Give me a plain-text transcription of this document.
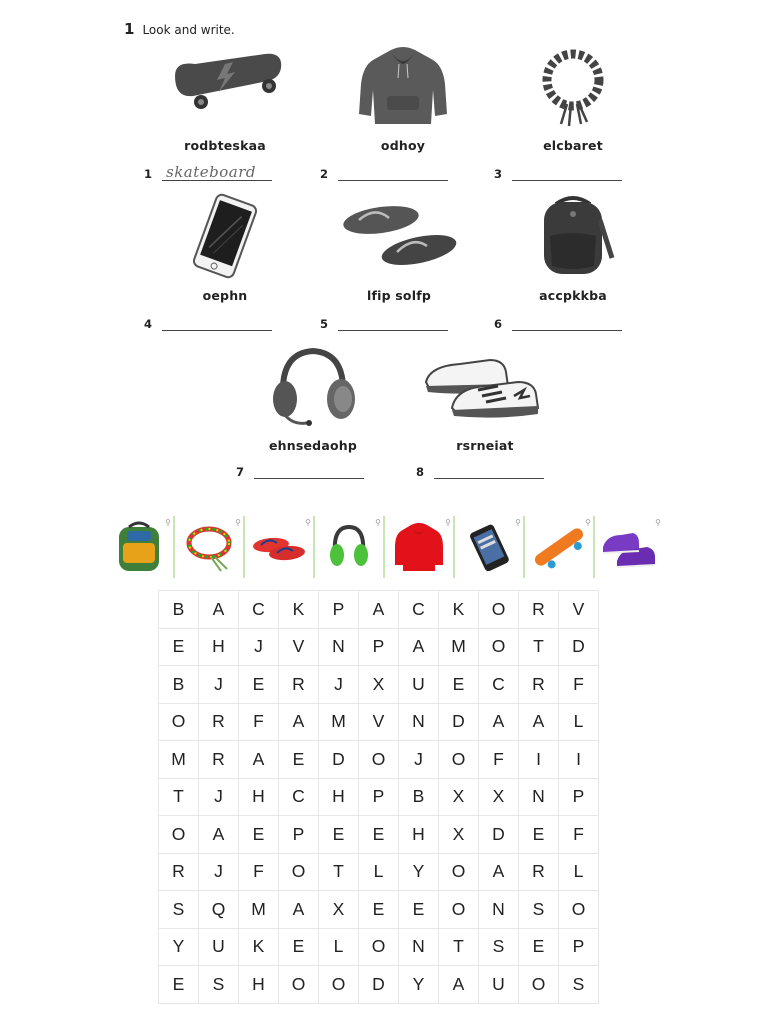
1 Look and write.
rodbteskaa	odhoy	elcbaret
1 skateboard	2	3
oephn	lfip solfp	accpkkba
4	5	6
ehnsedaohp	rsrneiat
7	8
⚲	⚲	⚲	⚲	⚲	⚲	⚲	⚲
B	A	C	K	P	A	C	K	O	R	V
E	H	J	V	N	P	A	M	O	T	D
B	J	E	R	J	X	U	E	C	R	F
O	R	F	A	M	V	N	D	A	A	L
M	R	A	E	D	O	J	O	F	I	I
T	J	H	C	H	P	B	X	X	N	P
O	A	E	P	E	E	H	X	D	E	F
R	J	F	O	T	L	Y	O	A	R	L
S	Q	M	A	X	E	E	O	N	S	O
Y	U	K	E	L	O	N	T	S	E	P
E	S	H	O	O	D	Y	A	U	O	S
